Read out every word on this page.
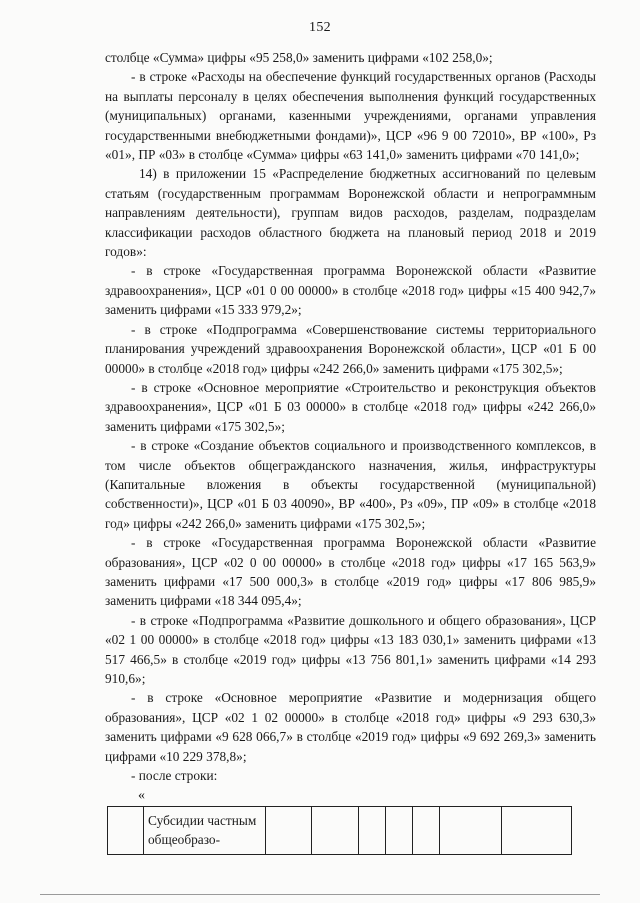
152

столбце «Сумма» цифры «95 258,0» заменить цифрами «102 258,0»;

- в строке «Расходы на обеспечение функций государственных органов (Расходы на выплаты персоналу в целях обеспечения выполнения функций государственных (муниципальных) органами, казенными учреждениями, органами управления государственными внебюджетными фондами)», ЦСР «96 9 00 72010», ВР «100», Рз «01», ПР «03» в столбце «Сумма» цифры «63 141,0» заменить цифрами «70 141,0»;

14) в приложении 15 «Распределение бюджетных ассигнований по целевым статьям (государственным программам Воронежской области и непрограммным направлениям деятельности), группам видов расходов, разделам, подразделам классификации расходов областного бюджета на плановый период 2018 и 2019 годов»:

- в строке «Государственная программа Воронежской области «Развитие здравоохранения», ЦСР «01 0 00 00000» в столбце «2018 год» цифры «15 400 942,7» заменить цифрами «15 333 979,2»;

- в строке «Подпрограмма «Совершенствование системы территориального планирования учреждений здравоохранения Воронежской области», ЦСР «01 Б 00 00000» в столбце «2018 год» цифры «242 266,0» заменить цифрами «175 302,5»;

- в строке «Основное мероприятие «Строительство и реконструкция объектов здравоохранения», ЦСР «01 Б 03 00000» в столбце «2018 год» цифры «242 266,0» заменить цифрами «175 302,5»;

- в строке «Создание объектов социального и производственного комплексов, в том числе объектов общегражданского назначения, жилья, инфраструктуры (Капитальные вложения в объекты государственной (муниципальной) собственности)», ЦСР «01 Б 03 40090», ВР «400», Рз «09», ПР «09» в столбце «2018 год» цифры «242 266,0» заменить цифрами «175 302,5»;

- в строке «Государственная программа Воронежской области «Развитие образования», ЦСР «02 0 00 00000» в столбце «2018 год» цифры «17 165 563,9» заменить цифрами «17 500 000,3» в столбце «2019 год» цифры «17 806 985,9» заменить цифрами «18 344 095,4»;

- в строке «Подпрограмма «Развитие дошкольного и общего образования», ЦСР «02 1 00 00000» в столбце «2018 год» цифры «13 183 030,1» заменить цифрами «13 517 466,5» в столбце «2019 год» цифры «13 756 801,1» заменить цифрами «14 293 910,6»;

- в строке «Основное мероприятие «Развитие и модернизация общего образования», ЦСР «02 1 02 00000» в столбце «2018 год» цифры «9 293 630,3» заменить цифрами «9 628 066,7» в столбце «2019 год» цифры «9 692 269,3» заменить цифрами «10 229 378,8»;

- после строки:

«
	Субсидии частным общеобразо-							
